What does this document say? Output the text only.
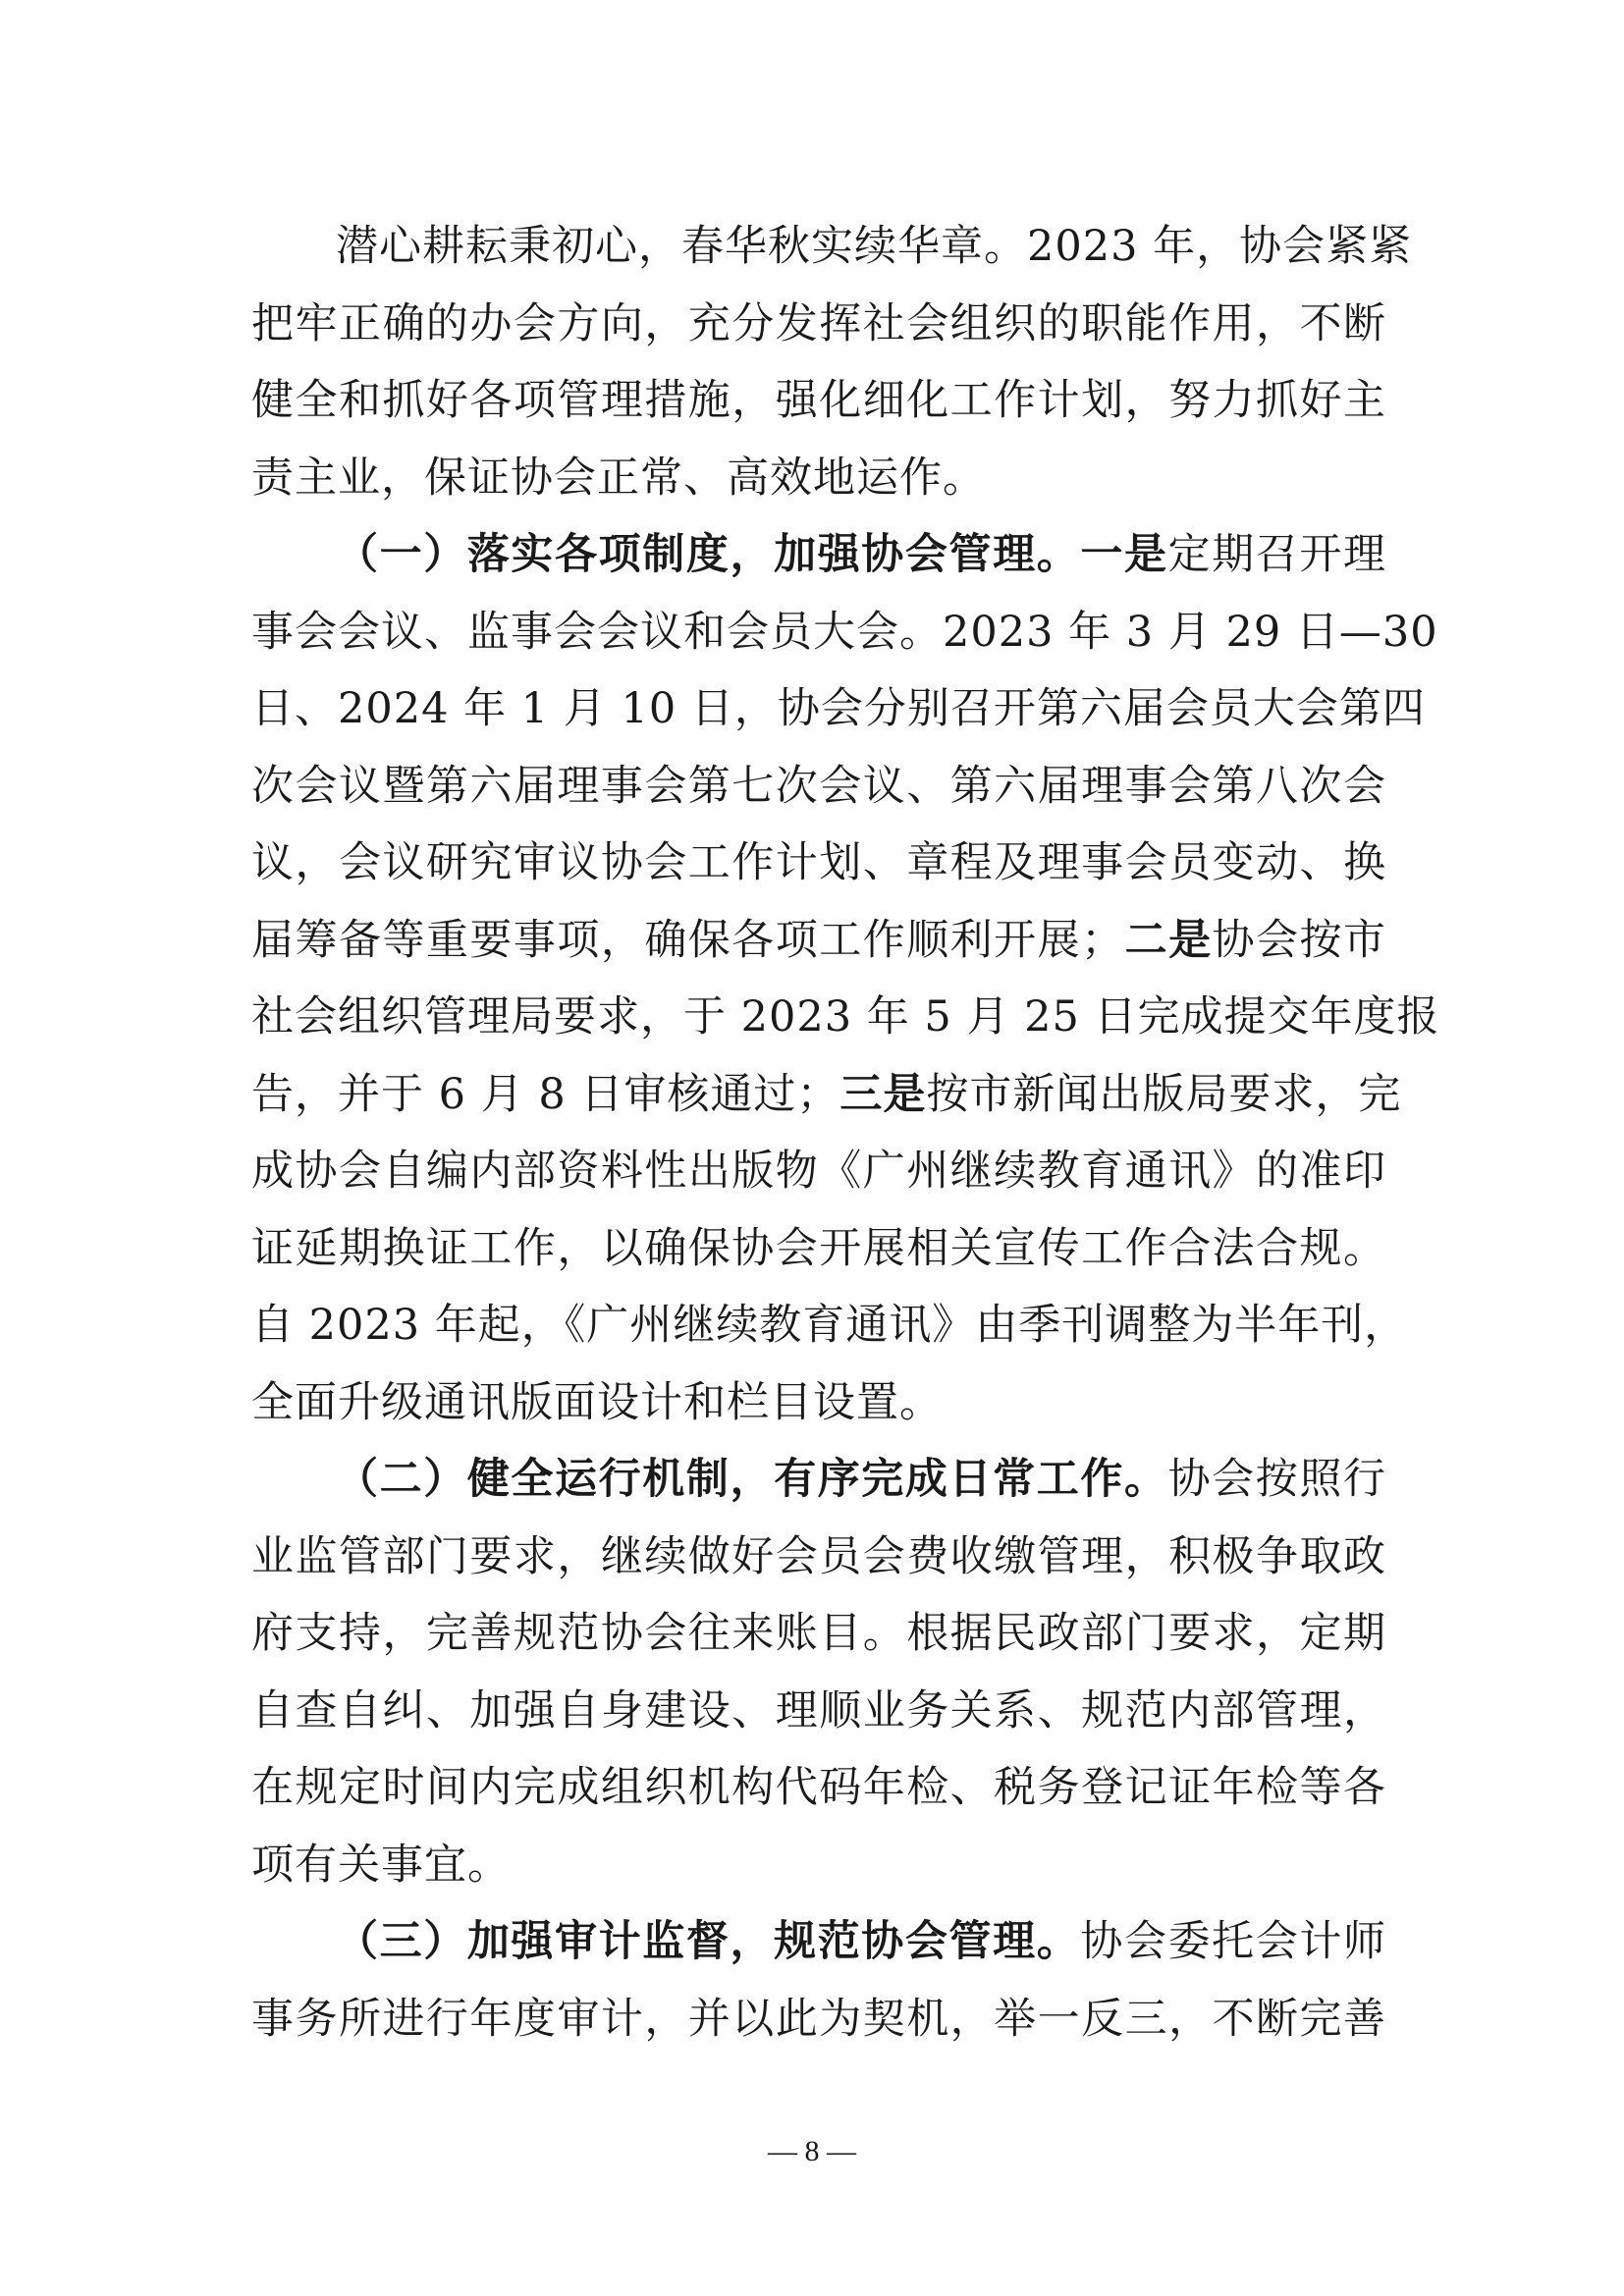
潜心耕耘秉初心，春华秋实续华章。2023 年，协会紧紧
把牢正确的办会方向，充分发挥社会组织的职能作用，不断
健全和抓好各项管理措施，强化细化工作计划，努力抓好主
责主业，保证协会正常、高效地运作。
（一）落实各项制度，加强协会管理。一是定期召开理
事会会议、监事会会议和会员大会。2023 年 3 月 29 日—30
日、2024 年 1 月 10 日，协会分别召开第六届会员大会第四
次会议暨第六届理事会第七次会议、第六届理事会第八次会
议，会议研究审议协会工作计划、章程及理事会员变动、换
届筹备等重要事项，确保各项工作顺利开展；二是协会按市
社会组织管理局要求，于 2023 年 5 月 25 日完成提交年度报
告，并于 6 月 8 日审核通过；三是按市新闻出版局要求，完
成协会自编内部资料性出版物《广州继续教育通讯》的准印
证延期换证工作，以确保协会开展相关宣传工作合法合规。
自 2023 年起，《广州继续教育通讯》由季刊调整为半年刊，
全面升级通讯版面设计和栏目设置。
（二）健全运行机制，有序完成日常工作。协会按照行
业监管部门要求，继续做好会员会费收缴管理，积极争取政
府支持，完善规范协会往来账目。根据民政部门要求，定期
自查自纠、加强自身建设、理顺业务关系、规范内部管理，
在规定时间内完成组织机构代码年检、税务登记证年检等各
项有关事宜。
（三）加强审计监督，规范协会管理。协会委托会计师
事务所进行年度审计，并以此为契机，举一反三，不断完善
— 8 —
